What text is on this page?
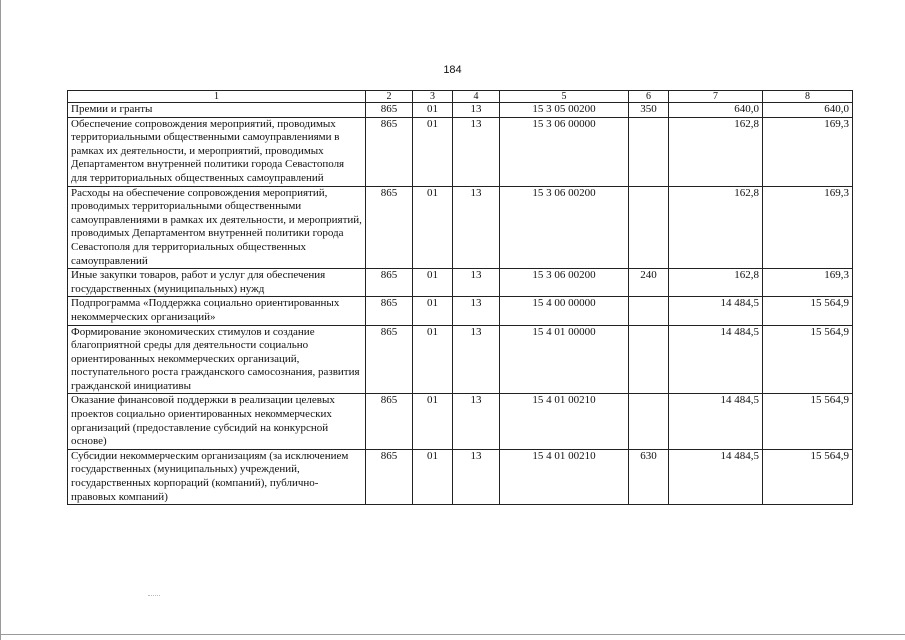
184
1	2	3	4	5	6	7	8
Премии и гранты	865	01	13	15 3 05 00200	350	640,0	640,0
Обеспечение сопровождения мероприятий, проводимых территориальными общественными самоуправлениями в рамках их деятельности, и мероприятий, проводимых Департаментом внутренней политики города Севастополя для территориальных общественных самоуправлений	865	01	13	15 3 06 00000		162,8	169,3
Расходы на обеспечение сопровождения мероприятий, проводимых территориальными общественными самоуправлениями в рамках их деятельности, и мероприятий, проводимых Департаментом внутренней политики города Севастополя для территориальных общественных самоуправлений	865	01	13	15 3 06 00200		162,8	169,3
Иные закупки товаров, работ и услуг для обеспечения государственных (муниципальных) нужд	865	01	13	15 3 06 00200	240	162,8	169,3
Подпрограмма «Поддержка социально ориентированных некоммерческих организаций»	865	01	13	15 4 00 00000		14 484,5	15 564,9
Формирование экономических стимулов и создание благоприятной среды для деятельности социально ориентированных некоммерческих организаций, поступательного роста гражданского самосознания, развития гражданской инициативы	865	01	13	15 4 01 00000		14 484,5	15 564,9
Оказание финансовой поддержки в реализации целевых проектов социально ориентированных некоммерческих организаций (предоставление субсидий на конкурсной основе)	865	01	13	15 4 01 00210		14 484,5	15 564,9
Субсидии некоммерческим организациям (за исключением государственных (муниципальных) учреждений, государственных корпораций (компаний), публично-правовых компаний)	865	01	13	15 4 01 00210	630	14 484,5	15 564,9
